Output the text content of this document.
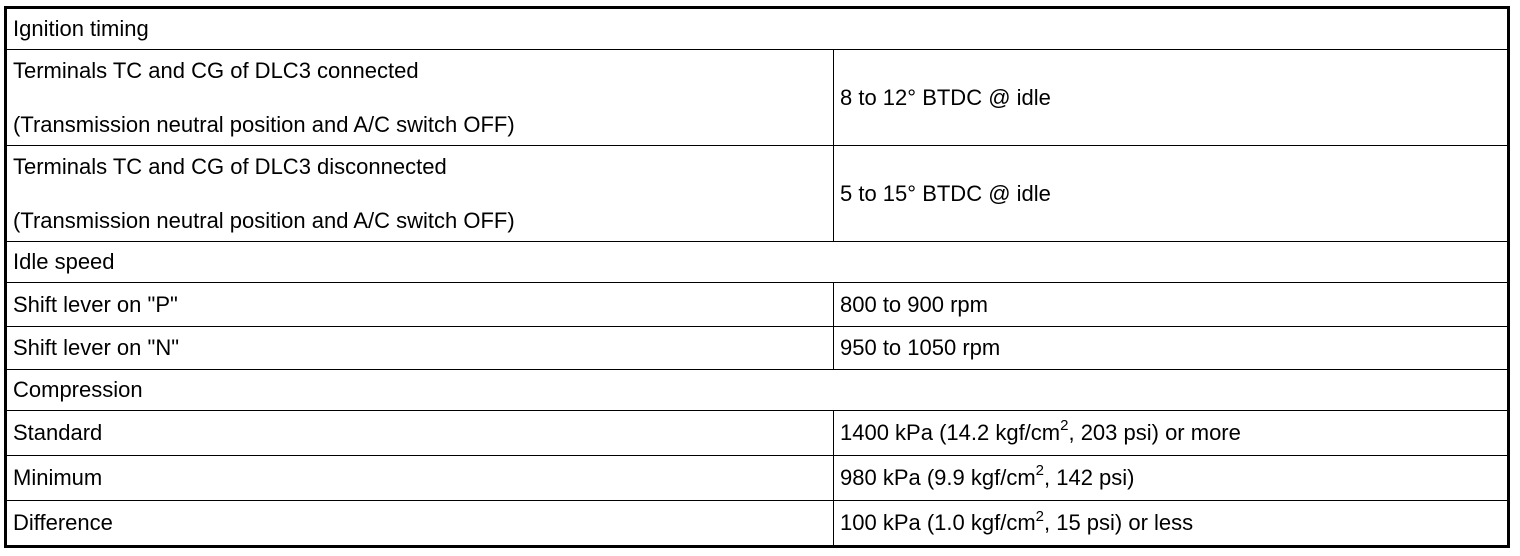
Ignition timing	

Terminals TC and CG of DLC3 connected
(Transmission neutral position and A/C switch OFF)	8 to 12° BTDC @ idle

Terminals TC and CG of DLC3 disconnected
(Transmission neutral position and A/C switch OFF)	5 to 15° BTDC @ idle
Idle speed	
Shift lever on "P"	800 to 900 rpm
Shift lever on "N"	950 to 1050 rpm
Compression	
Standard	1400 kPa (14.2 kgf/$cm^2$, 203 psi) or more
Minimum	980 kPa (9.9 kgf/$cm^2$, 142 psi)
Difference	100 kPa (1.0 kgf/$cm^2$, 15 psi) or less
